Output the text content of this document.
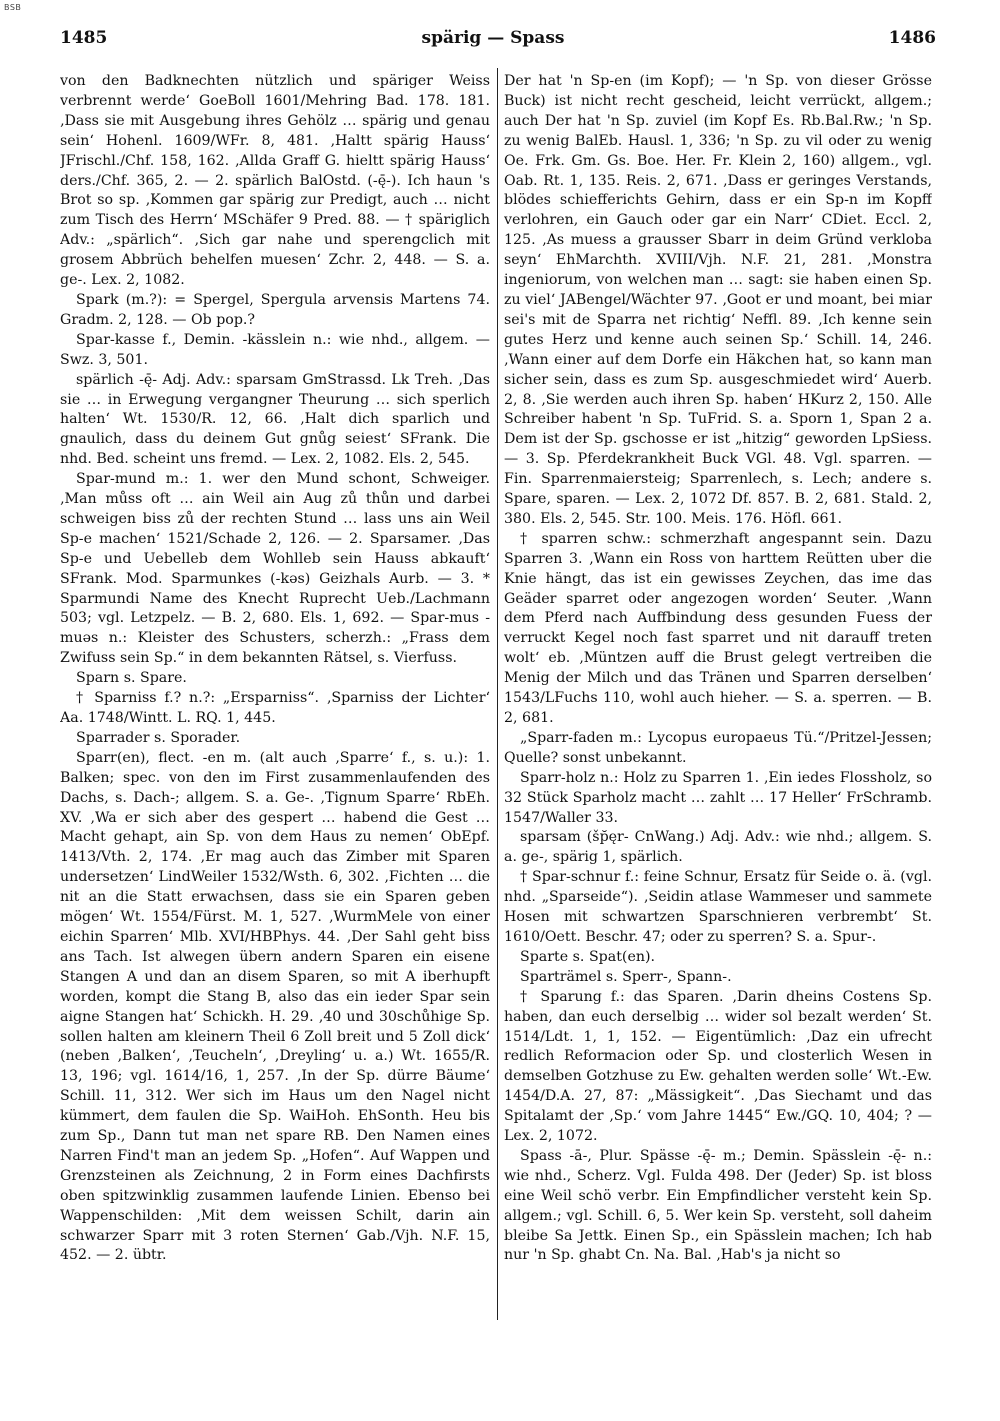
BSB
1485	spärig — Spass	1486

von den Badknechten nützlich und späriger Weiss verbrennt werde‘ GoeBoll 1601/Mehring Bad. 178. 181. ‚Dass sie mit Ausgebung ihres Gehölz … spärig und genau sein‘ Hohenl. 1609/WFr. 8, 481. ‚Haltt spärig Hauss‘ JFrischl./Chf. 158, 162. ‚Allda Graff G. hieltt spärig Hauss‘ ders./Chf. 365, 2. — 2. spärlich BalOstd. (-ę̄-). Ich haun 's Brot so sp. ‚Kommen gar spärig zur Predigt, auch … nicht zum Tisch des Herrn‘ MSchäfer 9 Pred. 88. — † späriglich Adv.: „spärlich“. ‚Sich gar nahe und sperengclich mit grosem Abbrüch behelfen muesen‘ Zchr. 2, 448. — S. a. ge-. Lex. 2, 1082.

Spark (m.?): = Spergel, Spergula arvensis Martens 74. Gradm. 2, 128. — Ob pop.?

Spar-kasse f., Demin. -kässlein n.: wie nhd., allgem. — Swz. 3, 501.

spärlich -ę̄- Adj. Adv.: sparsam GmStrassd. Lk Treh. ‚Das sie … in Erwegung vergangner Theurung … sich sperlich halten‘ Wt. 1530/R. 12, 66. ‚Halt dich sparlich und gnaulich, dass du deinem Gut gnůg seiest‘ SFrank. Die nhd. Bed. scheint uns fremd. — Lex. 2, 1082. Els. 2, 545.

Spar-mund m.: 1. wer den Mund schont, Schweiger. ‚Man můss oft … ain Weil ain Aug zů thůn und darbei schweigen biss zů der rechten Stund … lass uns ain Weil Sp-e machen‘ 1521/Schade 2, 126. — 2. Sparsamer. ‚Das Sp-e und Uebelleb dem Wohlleb sein Hauss abkauft‘ SFrank. Mod. Sparmunkes (-kəs) Geizhals Aurb. — 3. * Sparmundi Name des Knecht Ruprecht Ueb./Lachmann 503; vgl. Letzpelz. — B. 2, 680. Els. 1, 692. — Spar-mus -muəs n.: Kleister des Schusters, scherzh.: „Frass dem Zwifuss sein Sp.“ in dem bekannten Rätsel, s. Vierfuss.

Sparn s. Spare.

† Sparniss f.? n.?: „Ersparniss“. ‚Sparniss der Lichter‘ Aa. 1748/Wintt. L. RQ. 1, 445.

Sparrader s. Sporader.

Sparr(en), flect. -en m. (alt auch ‚Sparre‘ f., s. u.): 1. Balken; spec. von den im First zusammenlaufenden des Dachs, s. Dach-; allgem. S. a. Ge-. ‚Tignum Sparre‘ RbEh. XV. ‚Wa er sich aber des gespert … habend die Gest … Macht gehapt, ain Sp. von dem Haus zu nemen‘ ObEpf. 1413/Vth. 2, 174. ‚Er mag auch das Zimber mit Sparen undersetzen‘ LindWeiler 1532/Wsth. 6, 302. ‚Fichten … die nit an die Statt erwachsen, dass sie ein Sparen geben mögen‘ Wt. 1554/Fürst. M. 1, 527. ‚WurmMele von einer eichin Sparren‘ Mlb. XVI/HBPhys. 44. ‚Der Sahl geht biss ans Tach. Ist alwegen übern andern Sparen ein eisene Stangen A und dan an disem Sparen, so mit A iberhupft worden, kompt die Stang B, also das ein ieder Spar sein aigne Stangen hat‘ Schickh. H. 29. ‚40 und 30schůhige Sp. sollen halten am kleinern Theil 6 Zoll breit und 5 Zoll dick‘ (neben ‚Balken‘, ‚Teucheln‘, ‚Dreyling‘ u. a.) Wt. 1655/R. 13, 196; vgl. 1614/16, 1, 257. ‚In der Sp. dürre Bäume‘ Schill. 11, 312. Wer sich im Haus um den Nagel nicht kümmert, dem faulen die Sp. WaiHoh. EhSonth. Heu bis zum Sp., Dann tut man net spare RB. Den Namen eines Narren Find't man an jedem Sp. „Hofen“. Auf Wappen und Grenzsteinen als Zeichnung, 2 in Form eines Dachfirsts oben spitzwinklig zusammen laufende Linien. Ebenso bei Wappenschilden: ‚Mit dem weissen Schilt, darin ain schwarzer Sparr mit 3 roten Sternen‘ Gab./Vjh. N.F. 15, 452. — 2. übtr.

Der hat 'n Sp-en (im Kopf); — 'n Sp. von dieser Grösse Buck) ist nicht recht gescheid, leicht verrückt, allgem.; auch Der hat 'n Sp. zuviel (im Kopf Es. Rb.Bal.Rw.; 'n Sp. zu wenig BalEb. Hausl. 1, 336; 'n Sp. zu vil oder zu wenig Oe. Frk. Gm. Gs. Boe. Her. Fr. Klein 2, 160) allgem., vgl. Oab. Rt. 1, 135. Reis. 2, 671. ‚Dass er geringes Verstands, blödes schiefferichts Gehirn, dass er ein Sp-n im Kopff verlohren, ein Gauch oder gar ein Narr‘ CDiet. Eccl. 2, 125. ‚As muess a grausser Sbarr in deim Gründ verkloba seyn‘ EhMarchth. XVIII/Vjh. N.F. 21, 281. ‚Monstra ingeniorum, von welchen man … sagt: sie haben einen Sp. zu viel‘ JABengel/Wächter 97. ‚Goot er und moant, bei miar sei's mit de Sparra net richtig‘ Neffl. 89. ‚Ich kenne sein gutes Herz und kenne auch seinen Sp.‘ Schill. 14, 246. ‚Wann einer auf dem Dorfe ein Häkchen hat, so kann man sicher sein, dass es zum Sp. ausgeschmiedet wird‘ Auerb. 2, 8. ‚Sie werden auch ihren Sp. haben‘ HKurz 2, 150. Alle Schreiber habent 'n Sp. TuFrid. S. a. Sporn 1, Span 2 a. Dem ist der Sp. gschosse er ist „hitzig“ geworden LpSiess. — 3. Sp. Pferdekrankheit Buck VGl. 48. Vgl. sparren. — Fin. Sparrenmaiersteig; Sparrenlech, s. Lech; andere s. Spare, sparen. — Lex. 2, 1072 Df. 857. B. 2, 681. Stald. 2, 380. Els. 2, 545. Str. 100. Meis. 176. Höfl. 661.

† sparren schw.: schmerzhaft angespannt sein. Dazu Sparren 3. ‚Wann ein Ross von harttem Reütten uber die Knie hängt, das ist ein gewisses Zeychen, das ime das Geäder sparret oder angezogen worden‘ Seuter. ‚Wann dem Pferd nach Auffbindung dess gesunden Fuess der verruckt Kegel noch fast sparret und nit darauff treten wolt‘ eb. ‚Müntzen auff die Brust gelegt vertreiben die Menig der Milch und das Tränen und Sparren derselben‘ 1543/LFuchs 110, wohl auch hieher. — S. a. sperren. — B. 2, 681.

„Sparr-faden m.: Lycopus europaeus Tü.“/Pritzel-Jessen; Quelle? sonst unbekannt.

Sparr-holz n.: Holz zu Sparren 1. ‚Ein iedes Flossholz, so 32 Stück Sparholz macht … zahlt … 17 Heller‘ FrSchramb. 1547/Waller 33.

sparsam (šp̆ęr- CnWang.) Adj. Adv.: wie nhd.; allgem. S. a. ge-, spärig 1, spärlich.

† Spar-schnur f.: feine Schnur, Ersatz für Seide o. ä. (vgl. nhd. „Sparseide“). ‚Seidin atlase Wammeser und sammete Hosen mit schwartzen Sparschnieren verbrembt‘ St. 1610/Oett. Beschr. 47; oder zu sperren? S. a. Spur-.

Sparte s. Spat(en).

Sparträmel s. Sperr-, Spann-.

† Sparung f.: das Sparen. ‚Darin dheins Costens Sp. haben, dan euch derselbig … wider sol bezalt werden‘ St. 1514/Ldt. 1, 1, 152. — Eigentümlich: ‚Daz ein ufrecht redlich Reformacion oder Sp. und closterlich Wesen in demselben Gotzhuse zu Ew. gehalten werden solle‘ Wt.-Ew. 1454/D.A. 27, 87: „Mässigkeit“. ‚Das Siechamt und das Spitalamt der ‚Sp.‘ vom Jahre 1445“ Ew./GQ. 10, 404; ? — Lex. 2, 1072.

Spass -ā-, Plur. Spässe -ę̄- m.; Demin. Spässlein -ę̄- n.: wie nhd., Scherz. Vgl. Fulda 498. Der (Jeder) Sp. ist bloss eine Weil schö verbr. Ein Empfindlicher versteht kein Sp. allgem.; vgl. Schill. 6, 5. Wer kein Sp. versteht, soll daheim bleibe Sa Jettk. Einen Sp., ein Spässlein machen; Ich hab nur 'n Sp. ghabt Cn. Na. Bal. ‚Hab's ja nicht so
